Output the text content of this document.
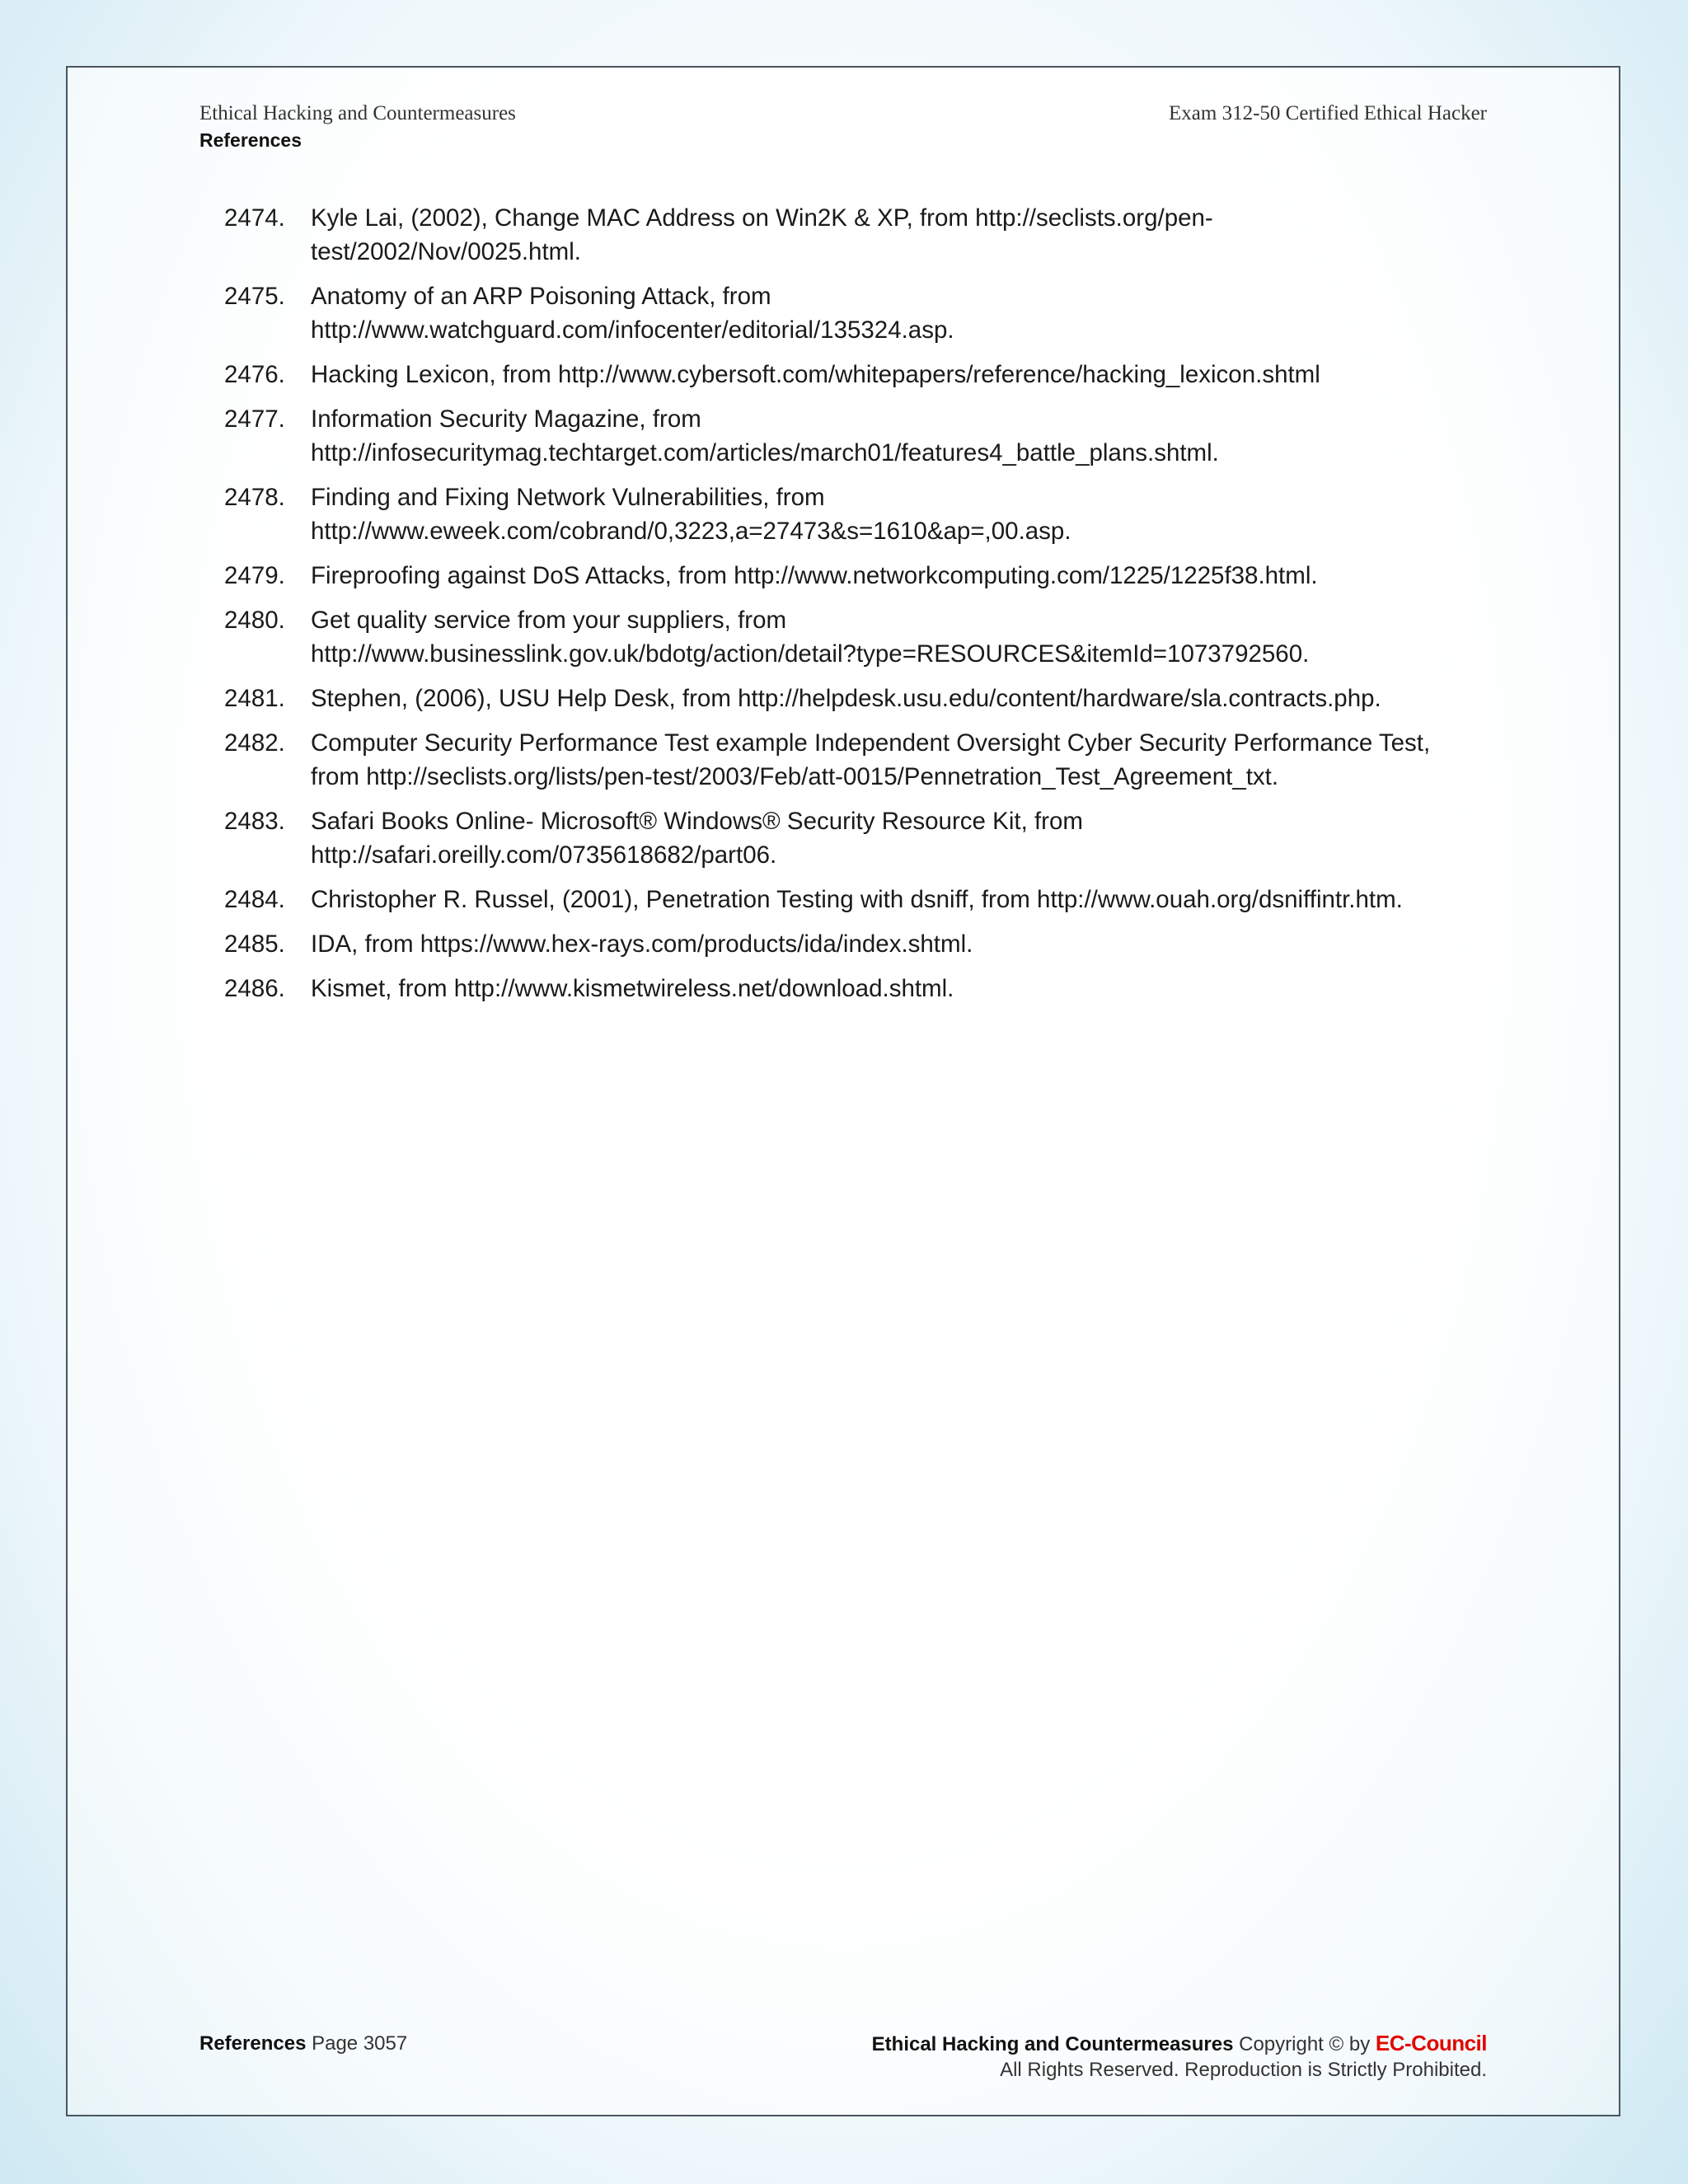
Ethical Hacking and Countermeasures
References
Exam 312-50 Certified Ethical Hacker
2474.	Kyle Lai, (2002), Change MAC Address on Win2K & XP, from http://seclists.org/pen-
test/2002/Nov/0025.html.
2475.	Anatomy of an ARP Poisoning Attack, from
http://www.watchguard.com/infocenter/editorial/135324.asp.
2476.	Hacking Lexicon, from http://www.cybersoft.com/whitepapers/reference/hacking_lexicon.shtml
2477.	Information Security Magazine, from
http://infosecuritymag.techtarget.com/articles/march01/features4_battle_plans.shtml.
2478.	Finding and Fixing Network Vulnerabilities, from
http://www.eweek.com/cobrand/0,3223,a=27473&s=1610&ap=,00.asp.
2479.	Fireproofing against DoS Attacks, from http://www.networkcomputing.com/1225/1225f38.html.
2480.	Get quality service from your suppliers, from
http://www.businesslink.gov.uk/bdotg/action/detail?type=RESOURCES&itemId=1073792560.
2481.	Stephen, (2006), USU Help Desk, from http://helpdesk.usu.edu/content/hardware/sla.contracts.php.
2482.	Computer Security Performance Test example Independent Oversight Cyber Security Performance Test,
from http://seclists.org/lists/pen-test/2003/Feb/att-0015/Pennetration_Test_Agreement_txt.
2483.	Safari Books Online- Microsoft® Windows® Security Resource Kit, from
http://safari.oreilly.com/0735618682/part06.
2484.	Christopher R. Russel, (2001), Penetration Testing with dsniff, from http://www.ouah.org/dsniffintr.htm.
2485.	IDA, from https://www.hex-rays.com/products/ida/index.shtml.
2486.	Kismet, from http://www.kismetwireless.net/download.shtml.
References Page 3057	Ethical Hacking and Countermeasures Copyright © by EC-Council
All Rights Reserved. Reproduction is Strictly Prohibited.
